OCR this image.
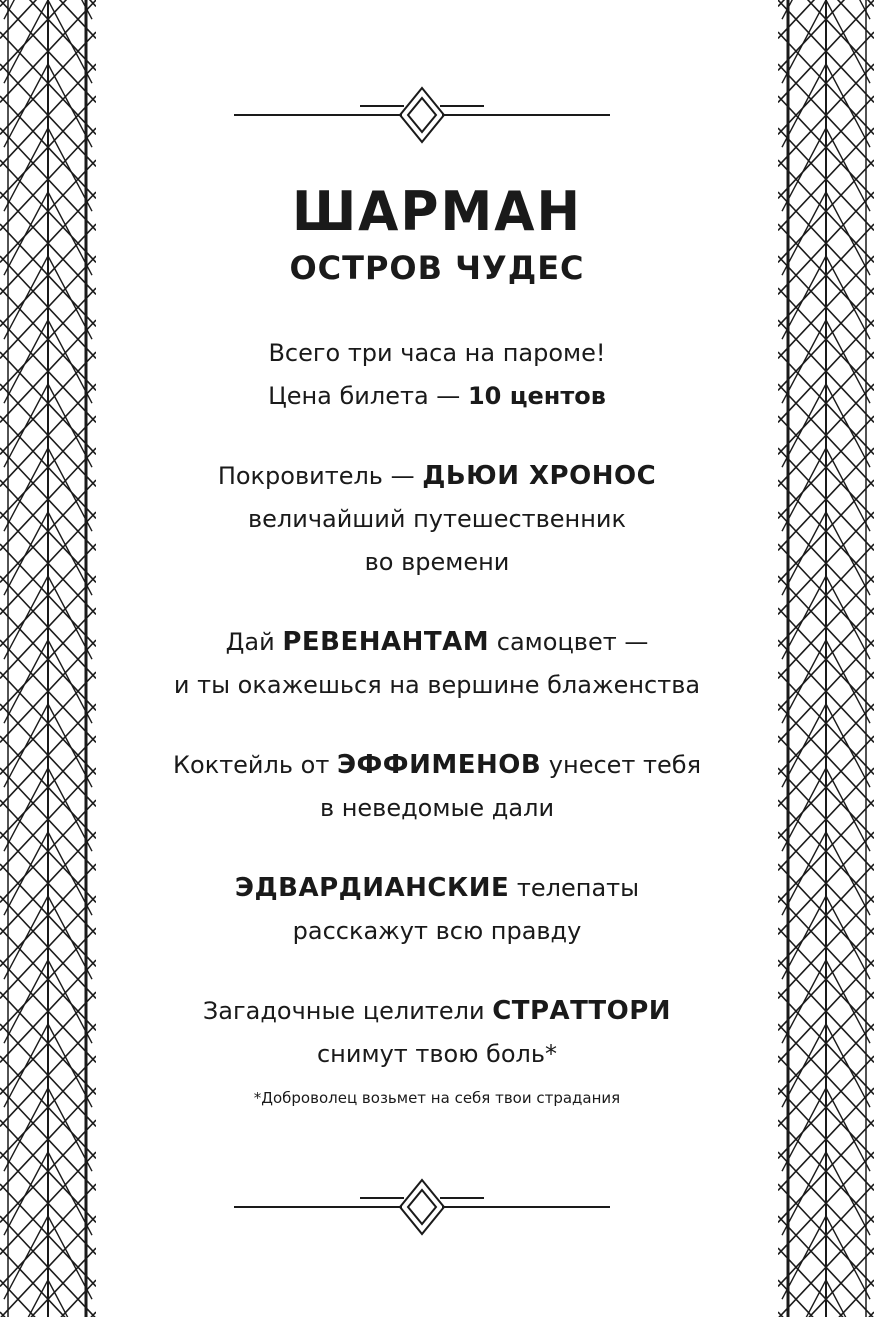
ШАРМАН
ОСТРОВ ЧУДЕС

Всего три часа на пароме!

Цена билета — 10 центов

Покровитель — ДЬЮИ ХРОНОС

величайший путешественник

во времени

Дай РЕВЕНАНТАМ самоцвет —

и ты окажешься на вершине блаженства

Коктейль от ЭФФИМЕНОВ унесет тебя

в неведомые дали

ЭДВАРДИАНСКИЕ телепаты

расскажут всю правду

Загадочные целители СТРАТТОРИ

снимут твою боль*

*Доброволец возьмет на себя твои страдания
